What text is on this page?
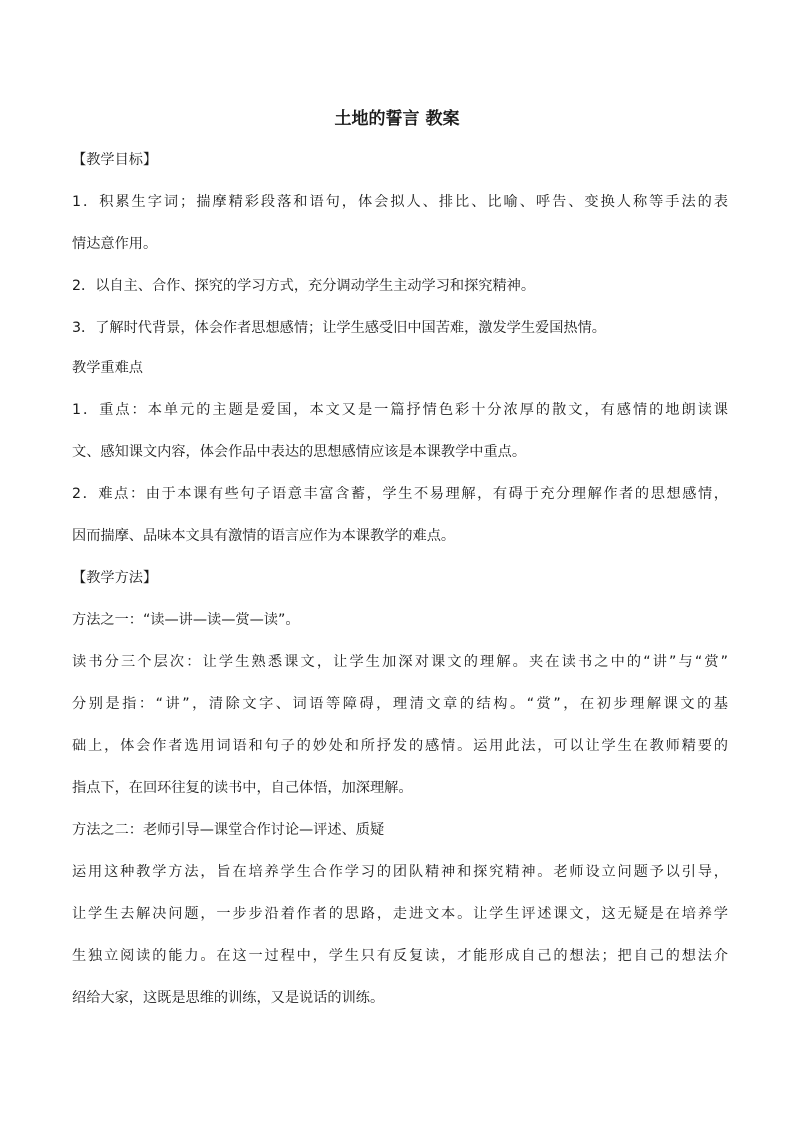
土地的誓言 教案
【教学目标】
1．积累生字词；揣摩精彩段落和语句，体会拟人、排比、比喻、呼告、变换人称等手法的表
情达意作用。
2．以自主、合作、探究的学习方式，充分调动学生主动学习和探究精神。
3．了解时代背景，体会作者思想感情；让学生感受旧中国苦难，激发学生爱国热情。
教学重难点
1．重点：本单元的主题是爱国，本文又是一篇抒情色彩十分浓厚的散文，有感情的地朗读课
文、感知课文内容，体会作品中表达的思想感情应该是本课教学中重点。
2．难点：由于本课有些句子语意丰富含蓄，学生不易理解，有碍于充分理解作者的思想感情，
因而揣摩、品味本文具有激情的语言应作为本课教学的难点。
【教学方法】
方法之一：“读—讲—读—赏—读”。
读书分三个层次：让学生熟悉课文，让学生加深对课文的理解。夹在读书之中的“讲”与“赏”
分别是指：“讲”，清除文字、词语等障碍，理清文章的结构。“赏”，在初步理解课文的基
础上，体会作者选用词语和句子的妙处和所抒发的感情。运用此法，可以让学生在教师精要的
指点下，在回环往复的读书中，自己体悟，加深理解。
方法之二：老师引导—课堂合作讨论—评述、质疑
运用这种教学方法，旨在培养学生合作学习的团队精神和探究精神。老师设立问题予以引导，
让学生去解决问题，一步步沿着作者的思路，走进文本。让学生评述课文，这无疑是在培养学
生独立阅读的能力。在这一过程中，学生只有反复读，才能形成自己的想法；把自己的想法介
绍给大家，这既是思维的训练，又是说话的训练。
